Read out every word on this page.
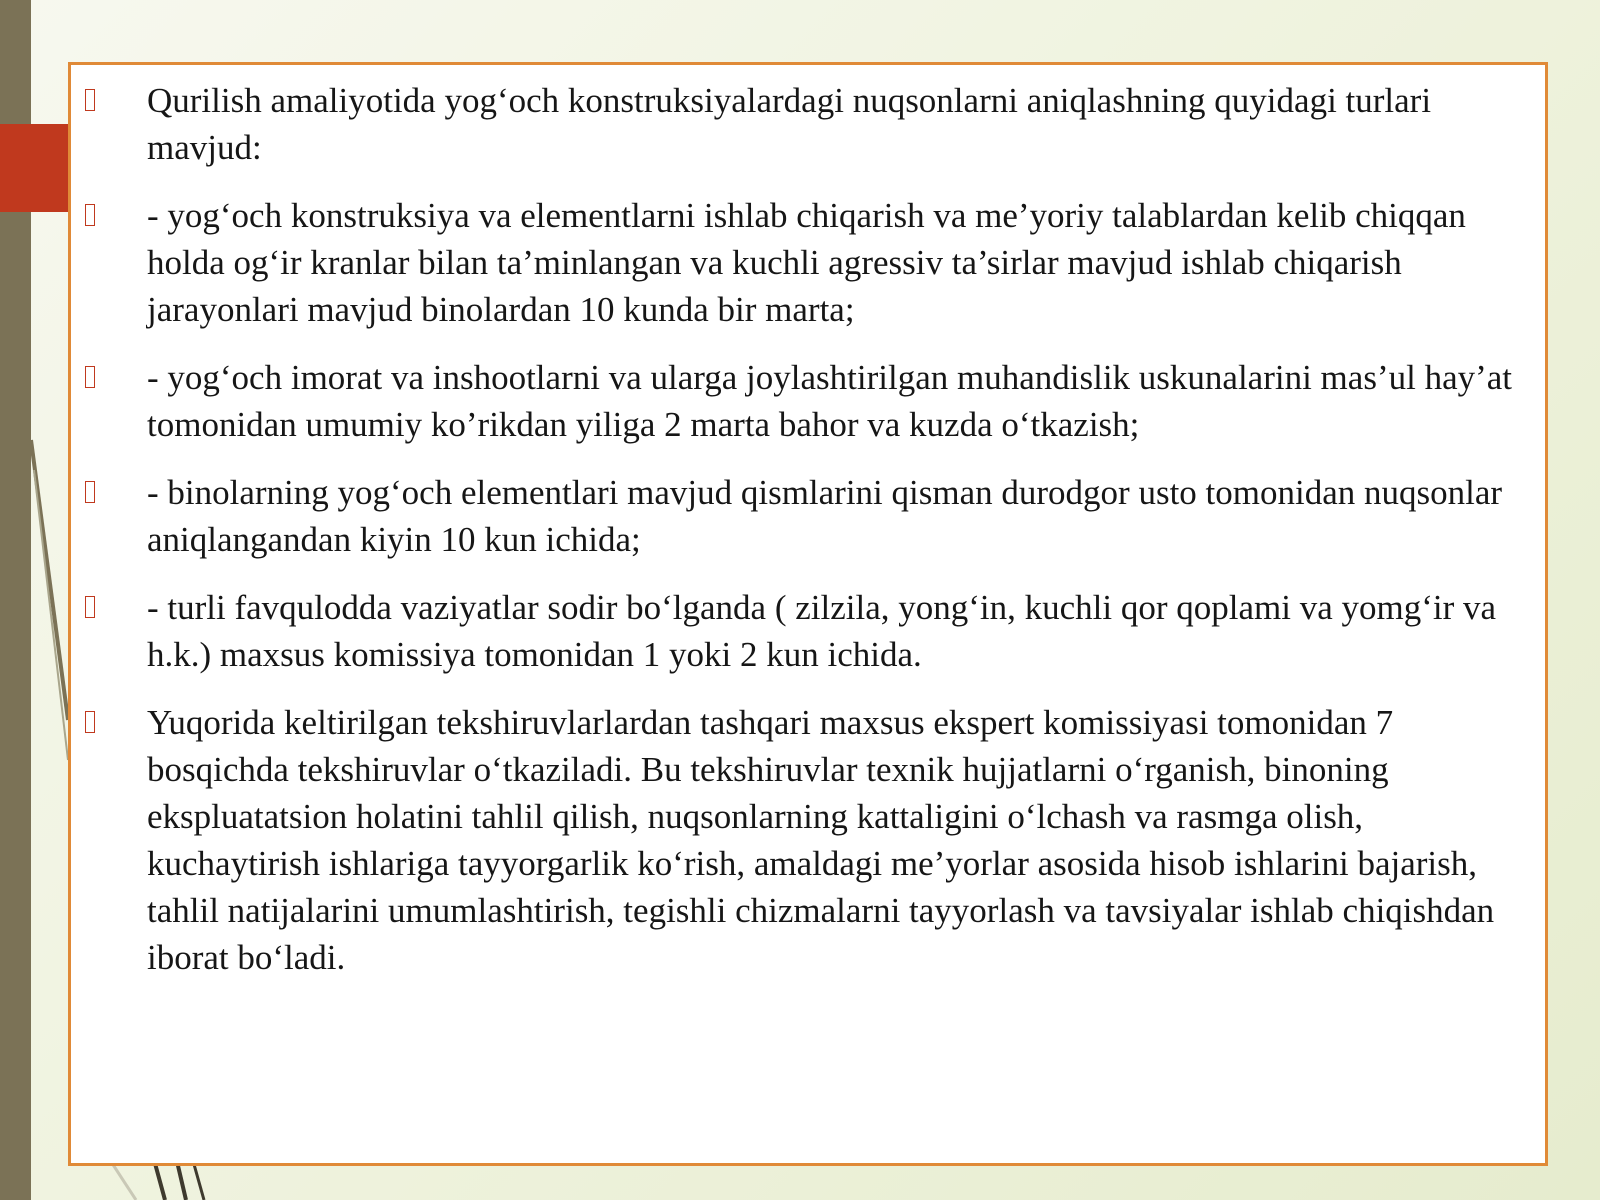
Qurilish amaliyotida yog‘och konstruksiyalardagi nuqsonlarni aniqlashning quyidagi turlari mavjud:
- yog‘och konstruksiya va elementlarni ishlab chiqarish va me’yoriy talablardan kelib chiqqan holda og‘ir kranlar bilan ta’minlangan va kuchli agressiv ta’sirlar mavjud ishlab chiqarish jarayonlari mavjud binolardan 10 kunda bir marta;
- yog‘och imorat va inshootlarni va ularga joylashtirilgan muhandislik uskunalarini mas’ul hay’at tomonidan umumiy ko’rikdan yiliga 2 marta bahor va kuzda o‘tkazish;
- binolarning yog‘och elementlari mavjud qismlarini qisman durodgor usto tomonidan nuqsonlar aniqlangandan kiyin 10 kun ichida;
- turli favqulodda vaziyatlar sodir bo‘lganda ( zilzila, yong‘in, kuchli qor qoplami va yomg‘ir va h.k.) maxsus komissiya tomonidan 1 yoki 2 kun ichida.
Yuqorida keltirilgan tekshiruvlarlardan tashqari maxsus ekspert komissiyasi tomonidan 7 bosqichda tekshiruvlar o‘tkaziladi. Bu tekshiruvlar texnik hujjatlarni o‘rganish, binoning ekspluatatsion holatini tahlil qilish, nuqsonlarning kattaligini o‘lchash va rasmga olish, kuchaytirish ishlariga tayyorgarlik ko‘rish, amaldagi me’yorlar asosida hisob ishlarini bajarish, tahlil natijalarini umumlashtirish, tegishli chizmalarni tayyorlash va tavsiyalar ishlab chiqishdan iborat bo‘ladi.
